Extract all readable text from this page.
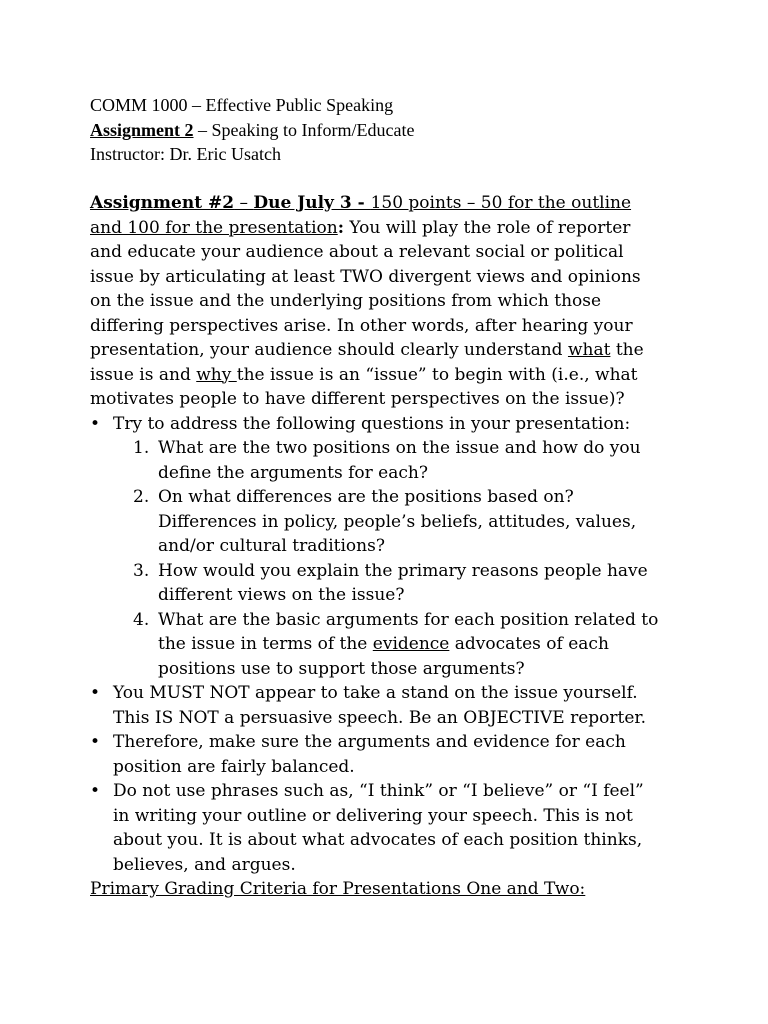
COMM 1000 – Effective Public Speaking
Assignment 2 – Speaking to Inform/Educate
Instructor: Dr. Eric Usatch
Assignment #2 – Due July 3 - 150 points – 50 for the outline
and 100 for the presentation: You will play the role of reporter
and educate your audience about a relevant social or political
issue by articulating at least TWO divergent views and opinions
on the issue and the underlying positions from which those
differing perspectives arise. In other words, after hearing your
presentation, your audience should clearly understand what the
issue is and why the issue is an “issue” to begin with (i.e., what
motivates people to have different perspectives on the issue)?
• Try to address the following questions in your presentation:
1. What are the two positions on the issue and how do you
define the arguments for each?
2. On what differences are the positions based on?
Differences in policy, people’s beliefs, attitudes, values,
and/or cultural traditions?
3. How would you explain the primary reasons people have
different views on the issue?
4. What are the basic arguments for each position related to
the issue in terms of the evidence advocates of each
positions use to support those arguments?
• You MUST NOT appear to take a stand on the issue yourself.
This IS NOT a persuasive speech. Be an OBJECTIVE reporter.
• Therefore, make sure the arguments and evidence for each
position are fairly balanced.
• Do not use phrases such as, “I think” or “I believe” or “I feel”
in writing your outline or delivering your speech. This is not
about you. It is about what advocates of each position thinks,
believes, and argues.
Primary Grading Criteria for Presentations One and Two:
